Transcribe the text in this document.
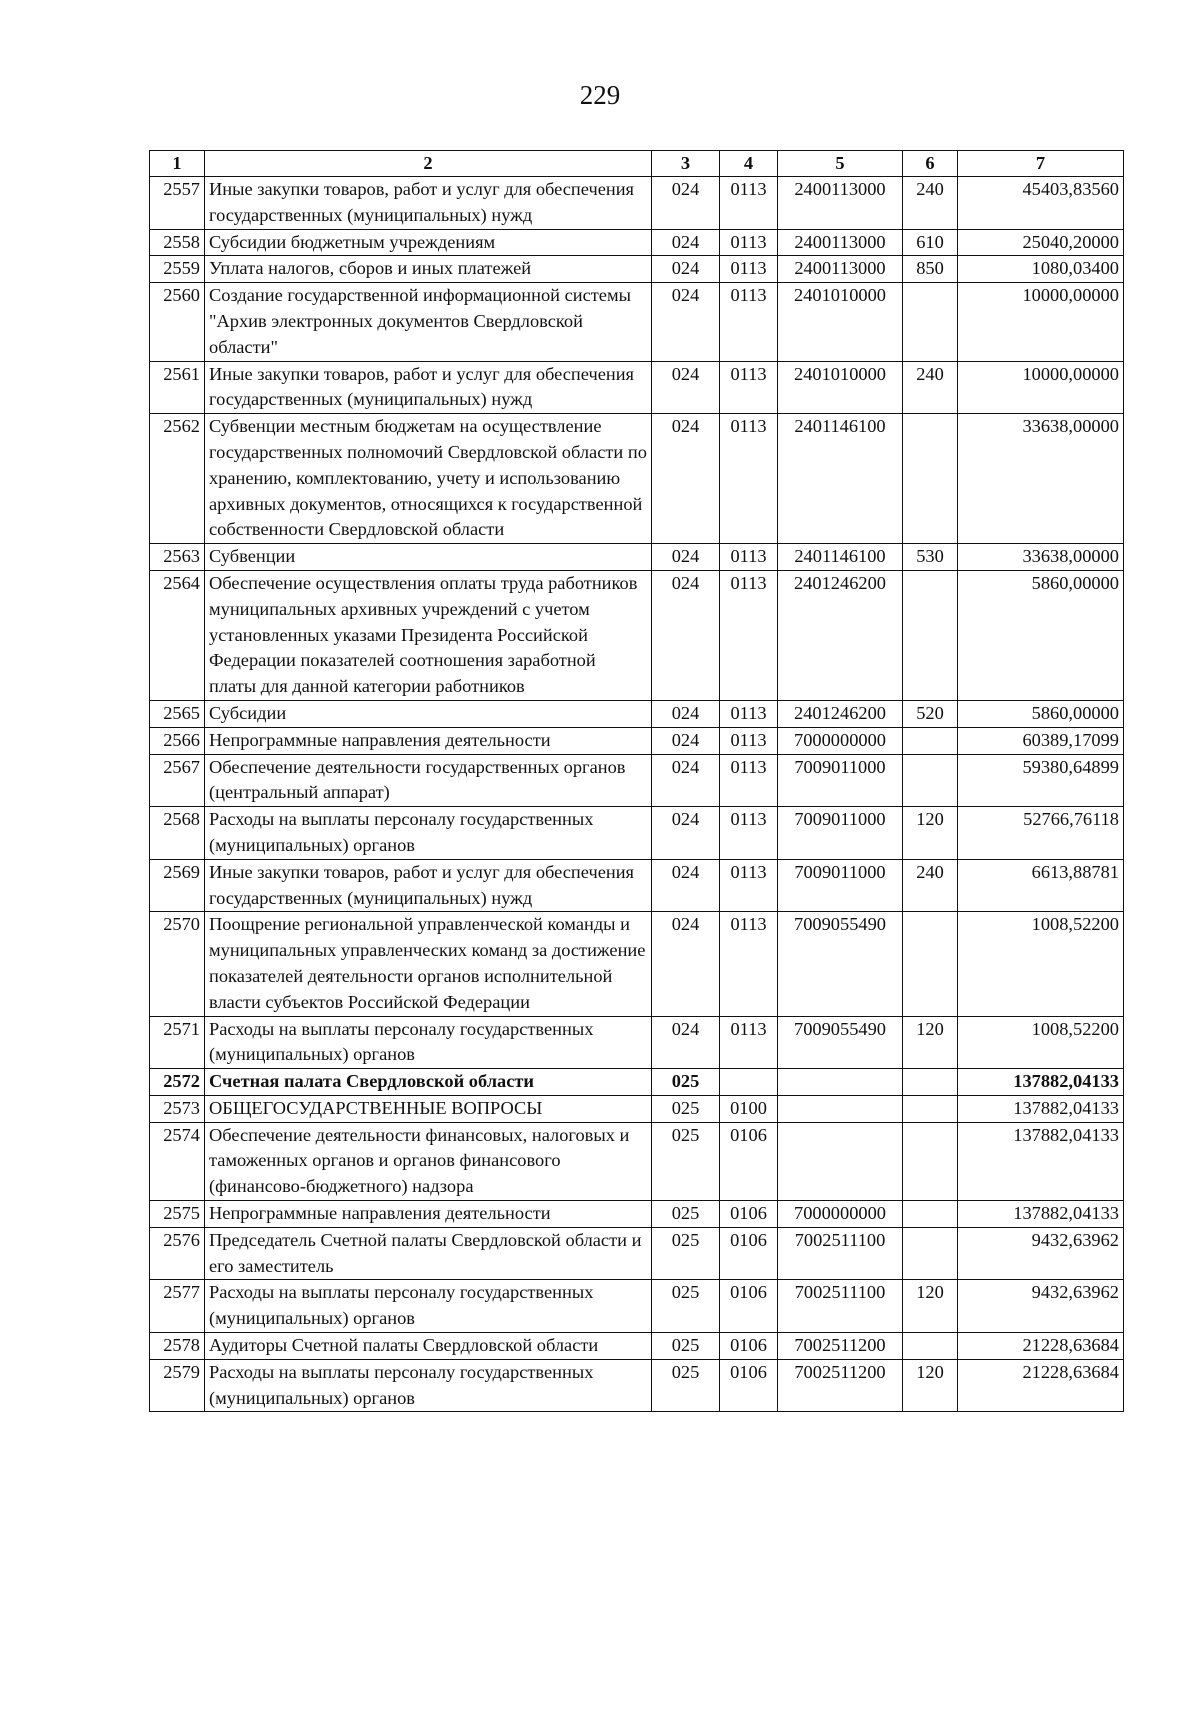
229
1	2	3	4	5	6	7
2557	Иные закупки товаров, работ и услуг для обеспечения государственных (муниципальных) нужд	024	0113	2400113000	240	45403,83560
2558	Субсидии бюджетным учреждениям	024	0113	2400113000	610	25040,20000
2559	Уплата налогов, сборов и иных платежей	024	0113	2400113000	850	1080,03400
2560	Создание государственной информационной системы "Архив электронных документов Свердловской области"	024	0113	2401010000		10000,00000
2561	Иные закупки товаров, работ и услуг для обеспечения государственных (муниципальных) нужд	024	0113	2401010000	240	10000,00000
2562	Субвенции местным бюджетам на осуществление государственных полномочий Свердловской области по хранению, комплектованию, учету и использованию архивных документов, относящихся к государственной собственности Свердловской области	024	0113	2401146100		33638,00000
2563	Субвенции	024	0113	2401146100	530	33638,00000
2564	Обеспечение осуществления оплаты труда работников муниципальных архивных учреждений с учетом установленных указами Президента Российской Федерации показателей соотношения заработной платы для данной категории работников	024	0113	2401246200		5860,00000
2565	Субсидии	024	0113	2401246200	520	5860,00000
2566	Непрограммные направления деятельности	024	0113	7000000000		60389,17099
2567	Обеспечение деятельности государственных органов (центральный аппарат)	024	0113	7009011000		59380,64899
2568	Расходы на выплаты персоналу государственных (муниципальных) органов	024	0113	7009011000	120	52766,76118
2569	Иные закупки товаров, работ и услуг для обеспечения государственных (муниципальных) нужд	024	0113	7009011000	240	6613,88781
2570	Поощрение региональной управленческой команды и муниципальных управленческих команд за достижение показателей деятельности органов исполнительной власти субъектов Российской Федерации	024	0113	7009055490		1008,52200
2571	Расходы на выплаты персоналу государственных (муниципальных) органов	024	0113	7009055490	120	1008,52200
2572	Счетная палата Свердловской области	025				137882,04133
2573	ОБЩЕГОСУДАРСТВЕННЫЕ ВОПРОСЫ	025	0100			137882,04133
2574	Обеспечение деятельности финансовых, налоговых и таможенных органов и органов финансового (финансово-бюджетного) надзора	025	0106			137882,04133
2575	Непрограммные направления деятельности	025	0106	7000000000		137882,04133
2576	Председатель Счетной палаты Свердловской области и его заместитель	025	0106	7002511100		9432,63962
2577	Расходы на выплаты персоналу государственных (муниципальных) органов	025	0106	7002511100	120	9432,63962
2578	Аудиторы Счетной палаты Свердловской области	025	0106	7002511200		21228,63684
2579	Расходы на выплаты персоналу государственных (муниципальных) органов	025	0106	7002511200	120	21228,63684
